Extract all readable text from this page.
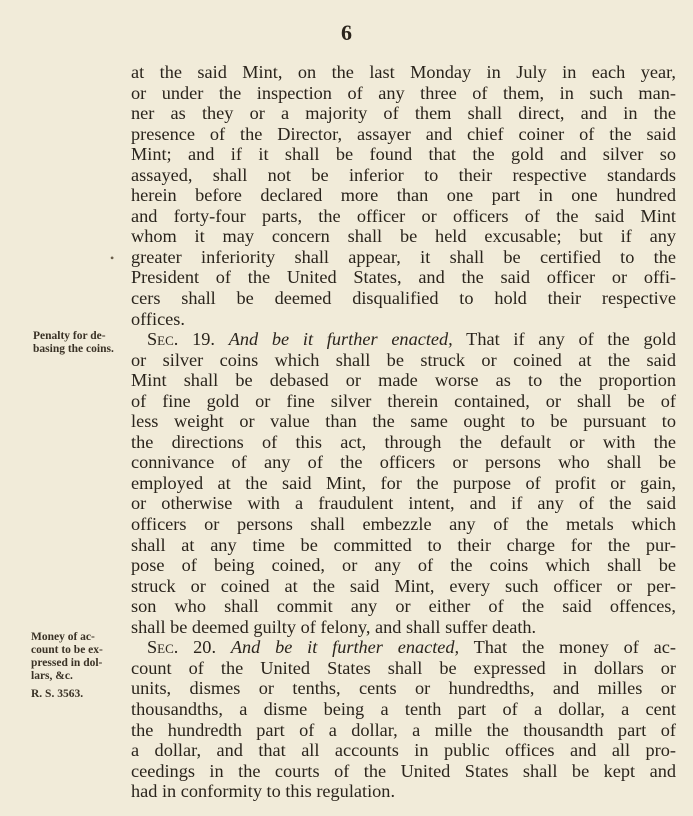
6
at the said Mint, on the last Monday in July in each year,
or under the inspection of any three of them, in such man-
ner as they or a majority of them shall direct, and in the
presence of the Director, assayer and chief coiner of the said
Mint; and if it shall be found that the gold and silver so
assayed, shall not be inferior to their respective standards
herein before declared more than one part in one hundred
and forty-four parts, the officer or officers of the said Mint
whom it may concern shall be held excusable; but if any
greater inferiority shall appear, it shall be certified to the
President of the United States, and the said officer or offi-
cers shall be deemed disqualified to hold their respective
offices.
Sec. 19. And be it further enacted, That if any of the gold
or silver coins which shall be struck or coined at the said
Mint shall be debased or made worse as to the proportion
of fine gold or fine silver therein contained, or shall be of
less weight or value than the same ought to be pursuant to
the directions of this act, through the default or with the
connivance of any of the officers or persons who shall be
employed at the said Mint, for the purpose of profit or gain,
or otherwise with a fraudulent intent, and if any of the said
officers or persons shall embezzle any of the metals which
shall at any time be committed to their charge for the pur-
pose of being coined, or any of the coins which shall be
struck or coined at the said Mint, every such officer or per-
son who shall commit any or either of the said offences,
shall be deemed guilty of felony, and shall suffer death.
Sec. 20. And be it further enacted, That the money of ac-
count of the United States shall be expressed in dollars or
units, dismes or tenths, cents or hundredths, and milles or
thousandths, a disme being a tenth part of a dollar, a cent
the hundredth part of a dollar, a mille the thousandth part of
a dollar, and that all accounts in public offices and all pro-
ceedings in the courts of the United States shall be kept and
had in conformity to this regulation.
Penalty for de-
basing the coins.
Money of ac-
count to be ex-
pressed in dol-
lars, &c.
R. S. 3563.
•
